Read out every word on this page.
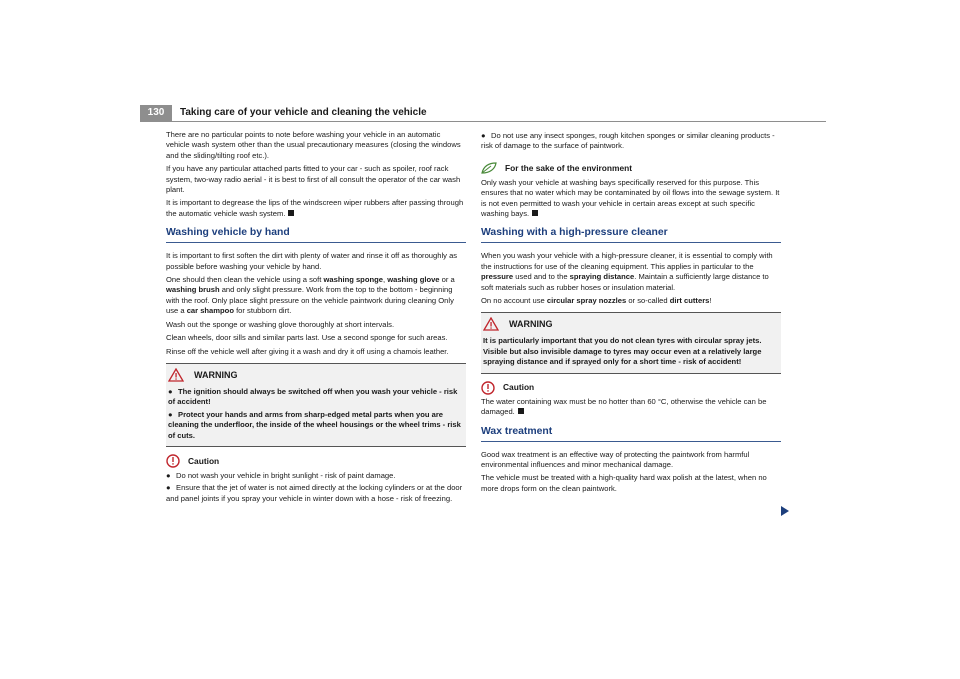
130	Taking care of your vehicle and cleaning the vehicle

There are no particular points to note before washing your vehicle in an automatic vehicle wash system other than the usual precautionary measures (closing the windows and the sliding/tilting roof etc.).

If you have any particular attached parts fitted to your car - such as spoiler, roof rack system, two-way radio aerial - it is best to first of all consult the operator of the car wash plant.

It is important to degrease the lips of the windscreen wiper rubbers after passing through the automatic vehicle wash system.

Washing vehicle by hand

It is important to first soften the dirt with plenty of water and rinse it off as thoroughly as possible before washing your vehicle by hand.

One should then clean the vehicle using a soft washing sponge, washing glove or a washing brush and only slight pressure. Work from the top to the bottom - beginning with the roof. Only place slight pressure on the vehicle paintwork during cleaning Only use a car shampoo for stubborn dirt.

Wash out the sponge or washing glove thoroughly at short intervals.

Clean wheels, door sills and similar parts last. Use a second sponge for such areas.

Rinse off the vehicle well after giving it a wash and dry it off using a chamois leather.

WARNING
● The ignition should always be switched off when you wash your vehicle - risk of accident!
● Protect your hands and arms from sharp-edged metal parts when you are cleaning the underfloor, the inside of the wheel housings or the wheel trims - risk of cuts.
Caution
● Do not wash your vehicle in bright sunlight - risk of paint damage.
● Ensure that the jet of water is not aimed directly at the locking cylinders or at the door and panel joints if you spray your vehicle in winter down with a hose - risk of freezing.
● Do not use any insect sponges, rough kitchen sponges or similar cleaning products - risk of damage to the surface of paintwork.
For the sake of the environment

Only wash your vehicle at washing bays specifically reserved for this purpose. This ensures that no water which may be contaminated by oil flows into the sewage system. It is not even permitted to wash your vehicle in certain areas except at such specific washing bays.

Washing with a high-pressure cleaner

When you wash your vehicle with a high-pressure cleaner, it is essential to comply with the instructions for use of the cleaning equipment. This applies in particular to the pressure used and to the spraying distance. Maintain a sufficiently large distance to soft materials such as rubber hoses or insulation material.

On no account use circular spray nozzles or so-called dirt cutters!

WARNING
It is particularly important that you do not clean tyres with circular spray jets. Visible but also invisible damage to tyres may occur even at a relatively large spraying distance and if sprayed only for a short time - risk of accident!
Caution

The water containing wax must be no hotter than 60 °C, otherwise the vehicle can be damaged.

Wax treatment

Good wax treatment is an effective way of protecting the paintwork from harmful environmental influences and minor mechanical damage.

The vehicle must be treated with a high-quality hard wax polish at the latest, when no more drops form on the clean paintwork.
